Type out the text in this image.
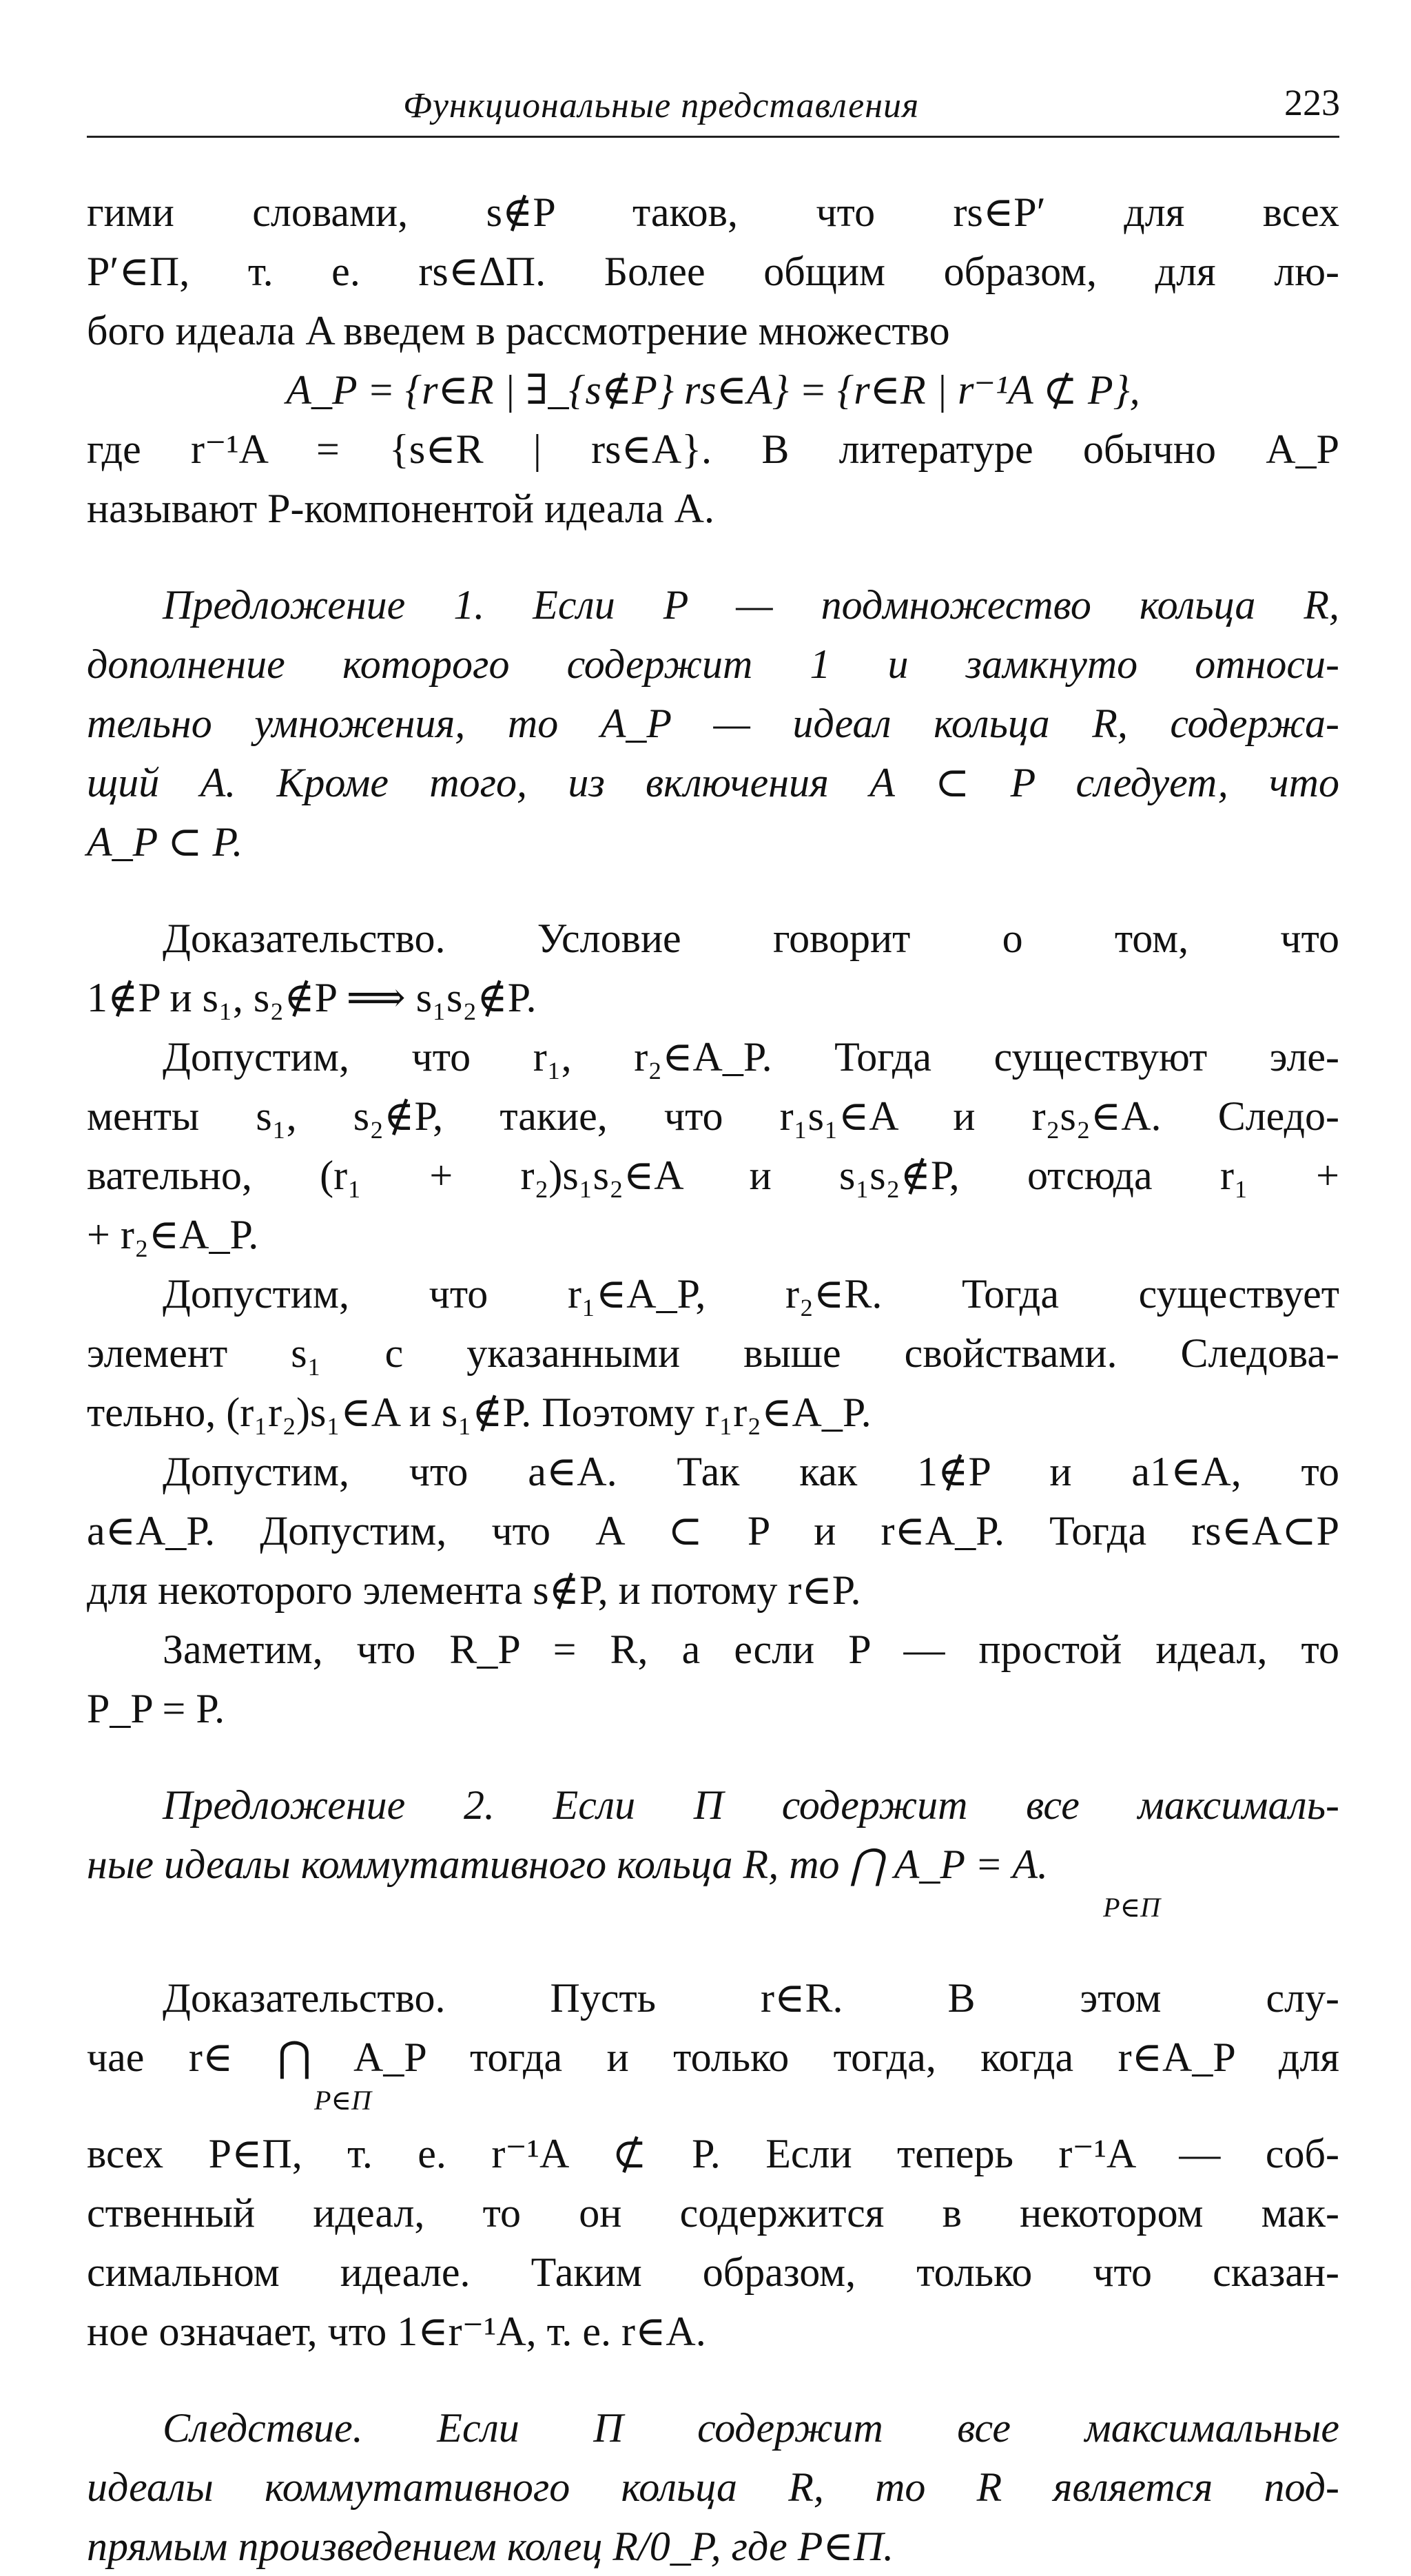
Функциональные представления	223
гими словами, s∉P таков, что rs∈P′ для всех
P′∈Π, т. е. rs∈ΔΠ. Более общим образом, для лю-
бого идеала A введем в рассмотрение множество
A_P = {r∈R | ∃_{s∉P} rs∈A} = {r∈R | r⁻¹A ⊄ P},
где r⁻¹A = {s∈R | rs∈A}. В литературе обычно A_P
называют P-компонентой идеала A.
Предложение 1. Если P — подмножество кольца R,
дополнение которого содержит 1 и замкнуто относи-
тельно умножения, то A_P — идеал кольца R, содержа-
щий A. Кроме того, из включения A ⊂ P следует, что
A_P ⊂ P.
Доказательство. Условие говорит о том, что
1∉P и s₁, s₂∉P ⟹ s₁s₂∉P.
Допустим, что r₁, r₂∈A_P. Тогда существуют эле-
менты s₁, s₂∉P, такие, что r₁s₁∈A и r₂s₂∈A. Следо-
вательно, (r₁ + r₂)s₁s₂∈A и s₁s₂∉P, отсюда r₁ +
+ r₂∈A_P.
Допустим, что r₁∈A_P, r₂∈R. Тогда существует
элемент s₁ с указанными выше свойствами. Следова-
тельно, (r₁r₂)s₁∈A и s₁∉P. Поэтому r₁r₂∈A_P.
Допустим, что a∈A. Так как 1∉P и a1∈A, то
a∈A_P. Допустим, что A ⊂ P и r∈A_P. Тогда rs∈A⊂P
для некоторого элемента s∉P, и потому r∈P.
Заметим, что R_P = R, а если P — простой идеал, то
P_P = P.
Предложение 2. Если Π содержит все максималь-
ные идеалы коммутативного кольца R, то ⋂ A_P = A.
P∈Π
Доказательство. Пусть r∈R. В этом слу-
чае r∈ ⋂ A_P тогда и только тогда, когда r∈A_P для
P∈Π
всех P∈Π, т. е. r⁻¹A ⊄ P. Если теперь r⁻¹A — соб-
ственный идеал, то он содержится в некотором мак-
симальном идеале. Таким образом, только что сказан-
ное означает, что 1∈r⁻¹A, т. е. r∈A.
Следствие. Если Π содержит все максимальные
идеалы коммутативного кольца R, то R является под-
прямым произведением колец R/0_P, где P∈Π.
